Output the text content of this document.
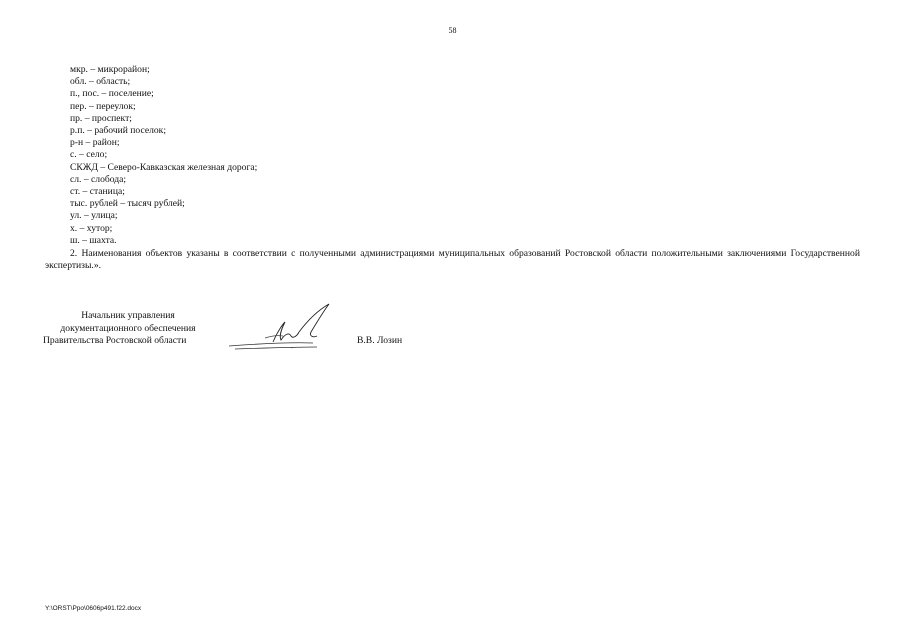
58
мкр. – микрорайон;
обл. – область;
п., пос. – поселение;
пер. – переулок;
пр. – проспект;
р.п. – рабочий поселок;
р-н – район;
с. – село;
СКЖД – Северо-Кавказская железная дорога;
сл. – слобода;
ст. – станица;
тыс. рублей – тысяч рублей;
ул. – улица;
х. – хутор;
ш. – шахта.

2. Наименования объектов указаны в соответствии с полученными администрациями муниципальных образований Ростовской области положительными заключениями Государственной экспертизы.».

Начальник управления
документационного обеспечения
Правительства Ростовской области	В.В. Лозин
Y:\ORST\Ppo\0606p491.f22.docx
